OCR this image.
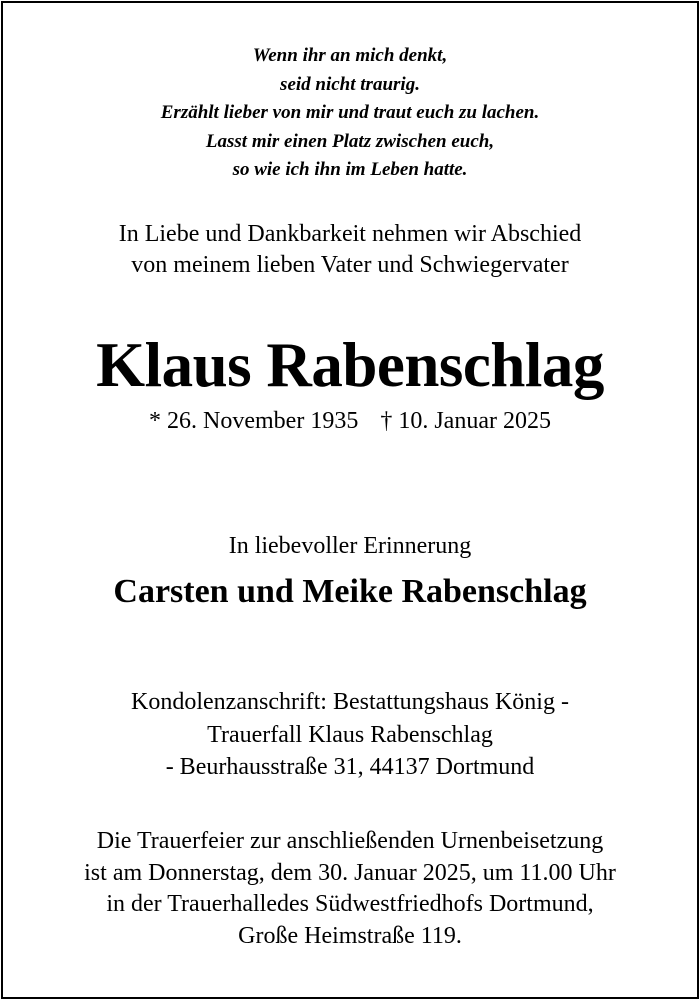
Wenn ihr an mich denkt,
seid nicht traurig.
Erzählt lieber von mir und traut euch zu lachen.
Lasst mir einen Platz zwischen euch,
so wie ich ihn im Leben hatte.
In Liebe und Dankbarkeit nehmen wir Abschied
von meinem lieben Vater und Schwiegervater
Klaus Rabenschlag
* 26. November 1935 † 10. Januar 2025
In liebevoller Erinnerung
Carsten und Meike Rabenschlag
Kondolenzanschrift: Bestattungshaus König -
Trauerfall Klaus Rabenschlag
- Beurhausstraße 31, 44137 Dortmund
Die Trauerfeier zur anschließenden Urnenbeisetzung
ist am Donnerstag, dem 30. Januar 2025, um 11.00 Uhr
in der Trauerhalledes Südwestfriedhofs Dortmund,
Große Heimstraße 119.
